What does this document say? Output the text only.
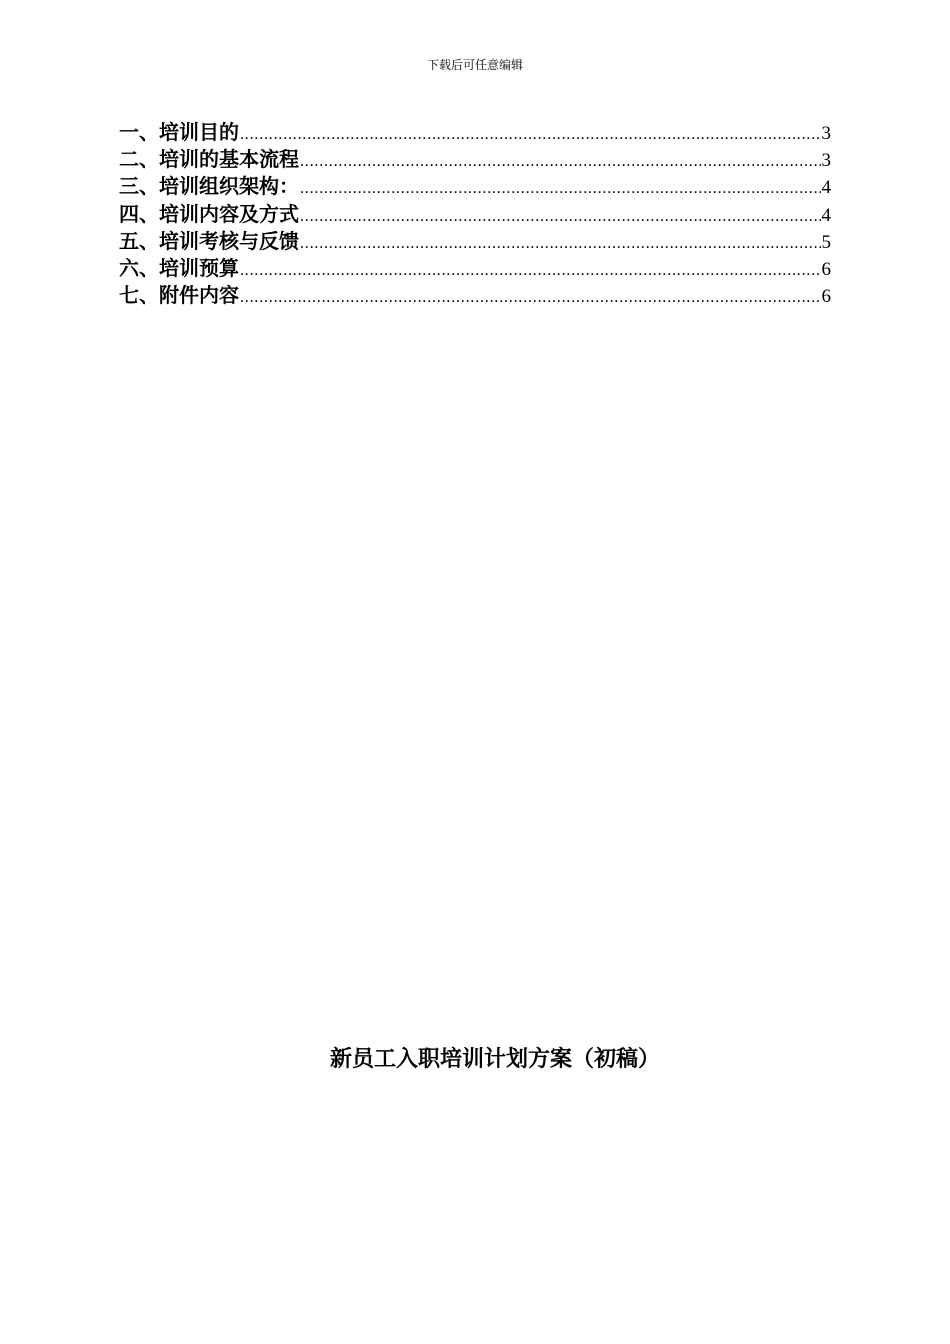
下载后可任意编辑
一、培训目的 .....	3
二、培训的基本流程 .....	3
三、培训组织架构： .....	4
四、培训内容及方式 .....	4
五、培训考核与反馈 .....	5
六、培训预算 .....	6
七、附件内容 .....	6
新员工入职培训计划方案（初稿）
